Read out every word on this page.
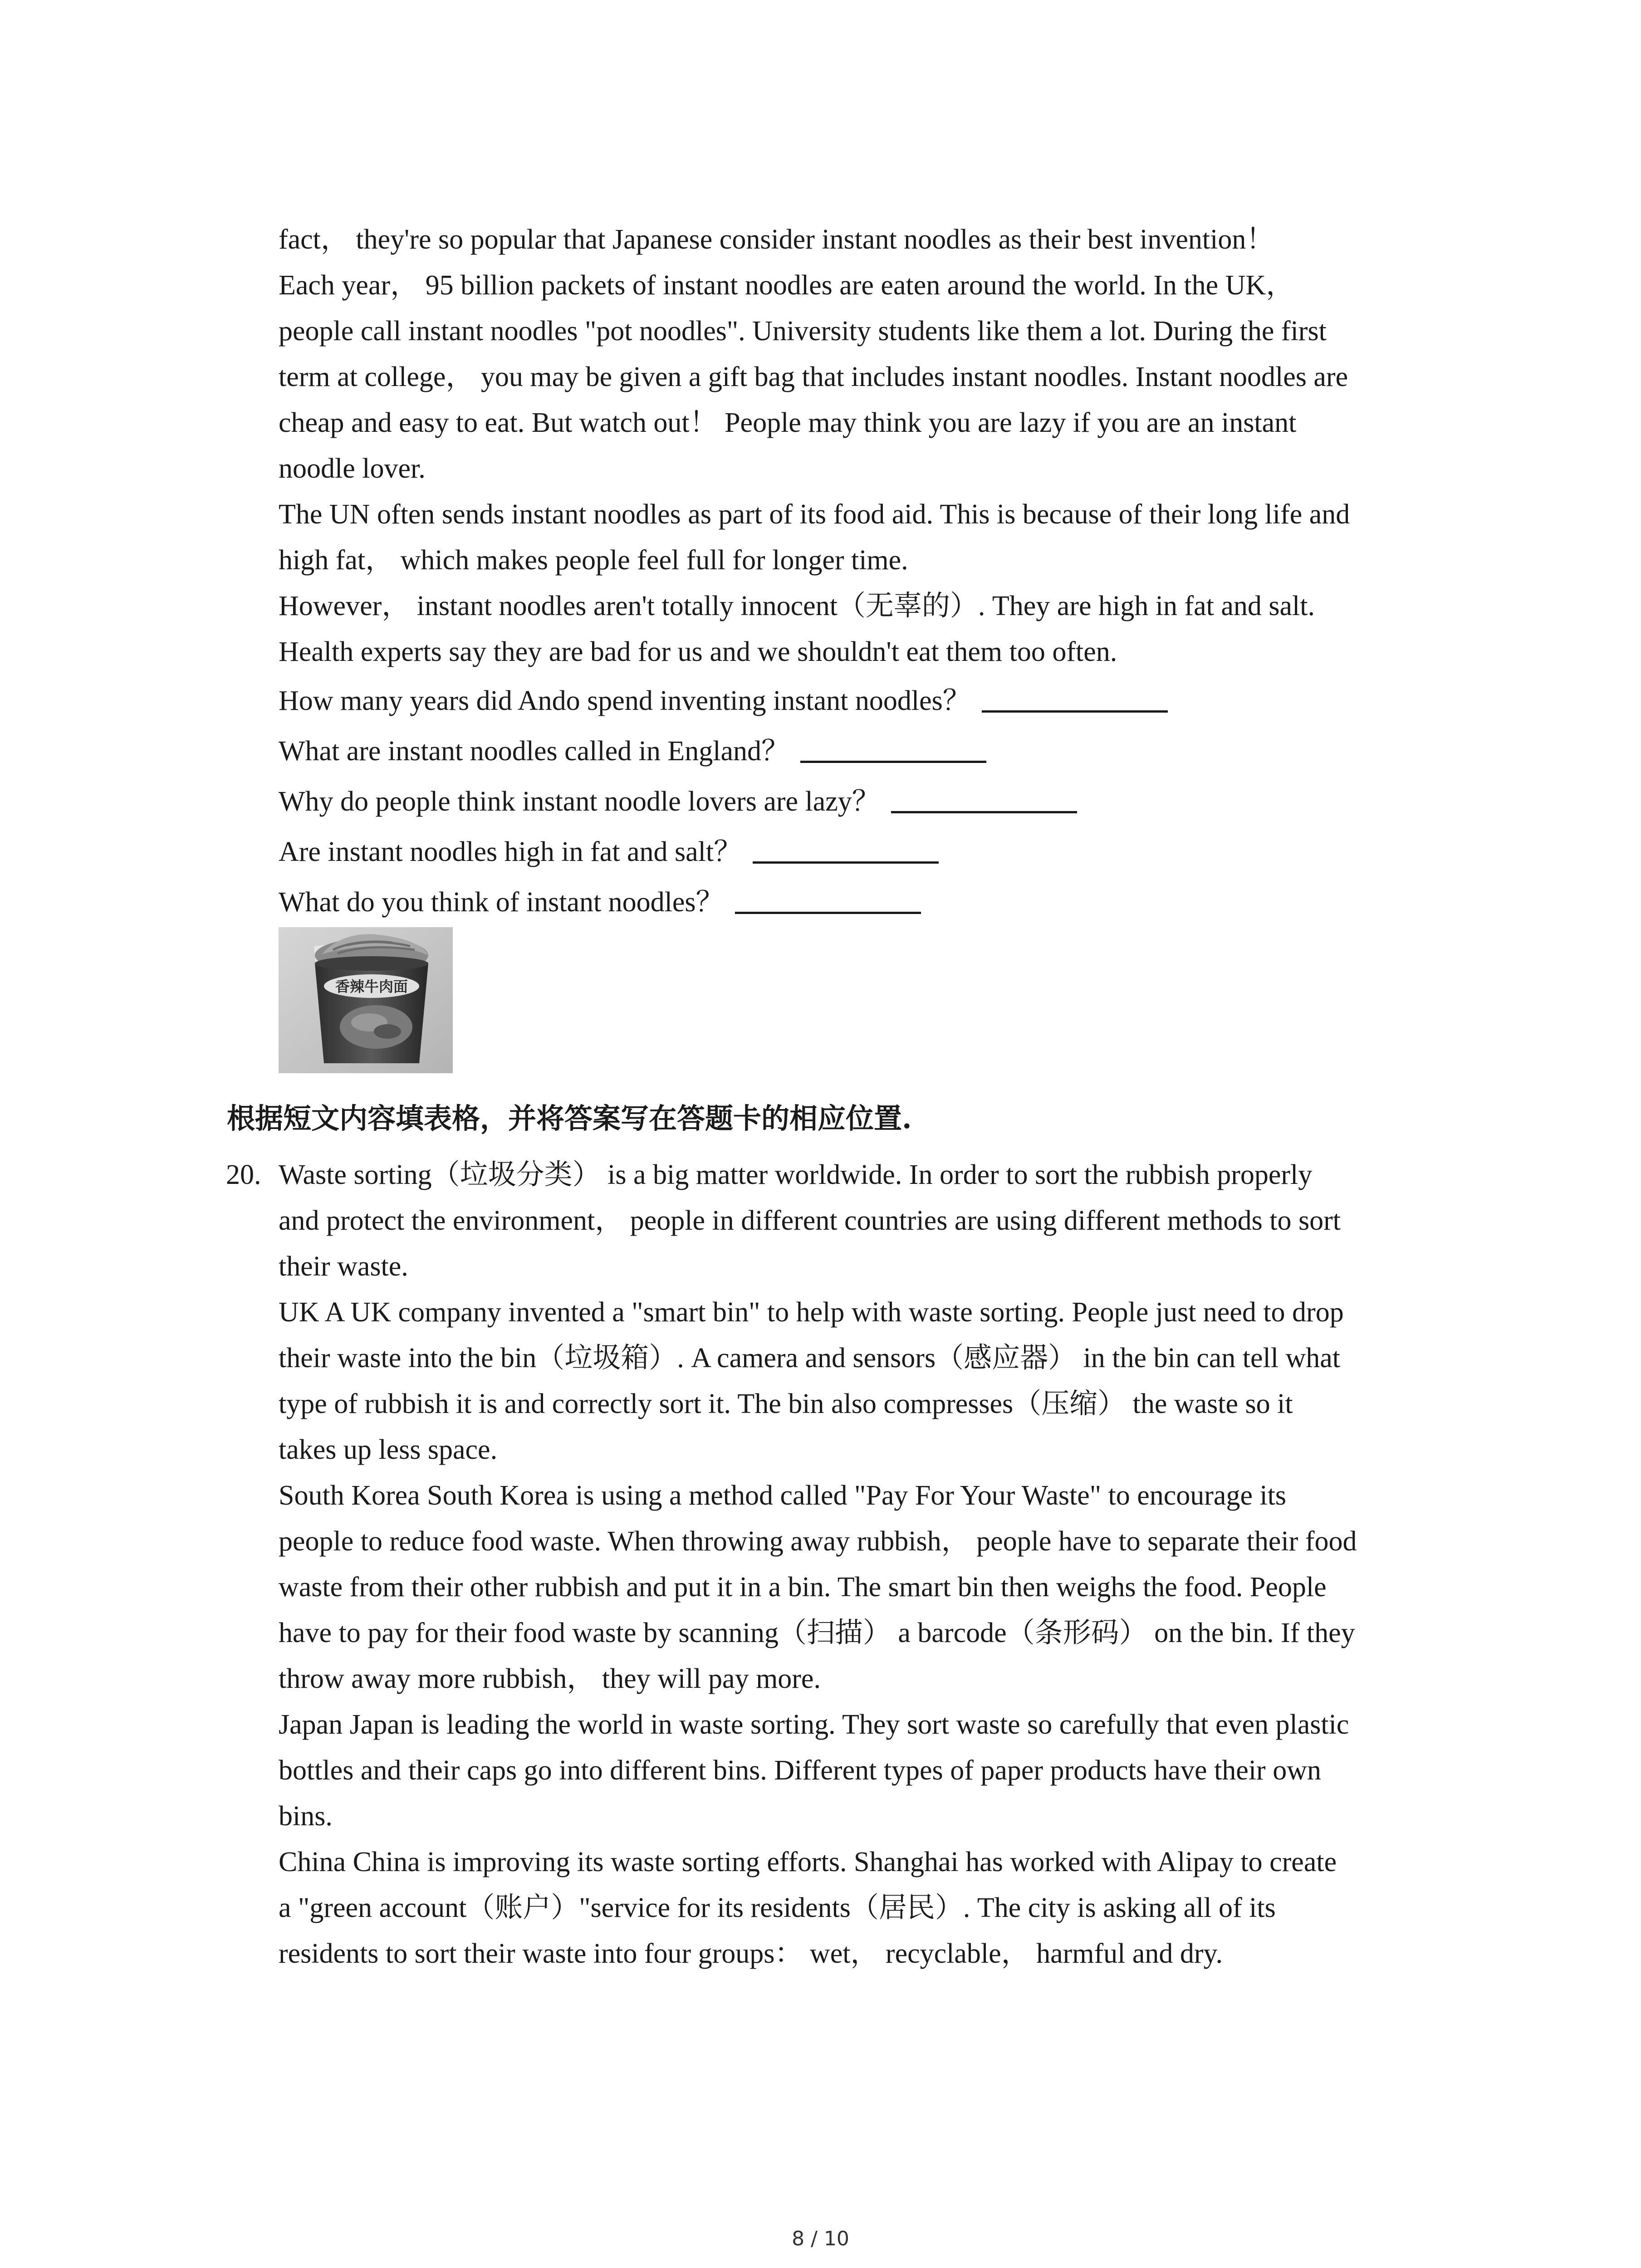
fact， they're so popular that Japanese consider instant noodles as their best invention！
Each year， 95 billion packets of instant noodles are eaten around the world. In the UK，
people call instant noodles "pot noodles". University students like them a lot. During the first
term at college， you may be given a gift bag that includes instant noodles. Instant noodles are
cheap and easy to eat. But watch out！ People may think you are lazy if you are an instant
noodle lover.
The UN often sends instant noodles as part of its food aid. This is because of their long life and
high fat， which makes people feel full for longer time.
However， instant noodles aren't totally innocent（无辜的）. They are high in fat and salt.
Health experts say they are bad for us and we shouldn't eat them too often.
How many years did Ando spend inventing instant noodles？
What are instant noodles called in England？
Why do people think instant noodle lovers are lazy？
Are instant noodles high in fat and salt？
What do you think of instant noodles？
香辣牛肉面
根据短文内容填表格，并将答案写在答题卡的相应位置.
20. Waste sorting（垃圾分类） is a big matter worldwide. In order to sort the rubbish properly
and protect the environment， people in different countries are using different methods to sort
their waste.
UK A UK company invented a "smart bin" to help with waste sorting. People just need to drop
their waste into the bin（垃圾箱）. A camera and sensors（感应器） in the bin can tell what
type of rubbish it is and correctly sort it. The bin also compresses（压缩） the waste so it
takes up less space.
South Korea South Korea is using a method called "Pay For Your Waste" to encourage its
people to reduce food waste. When throwing away rubbish， people have to separate their food
waste from their other rubbish and put it in a bin. The smart bin then weighs the food. People
have to pay for their food waste by scanning（扫描） a barcode（条形码） on the bin. If they
throw away more rubbish， they will pay more.
Japan Japan is leading the world in waste sorting. They sort waste so carefully that even plastic
bottles and their caps go into different bins. Different types of paper products have their own
bins.
China China is improving its waste sorting efforts. Shanghai has worked with Alipay to create
a "green account（账户）"service for its residents（居民）. The city is asking all of its
residents to sort their waste into four groups： wet， recyclable， harmful and dry.
8 / 10
